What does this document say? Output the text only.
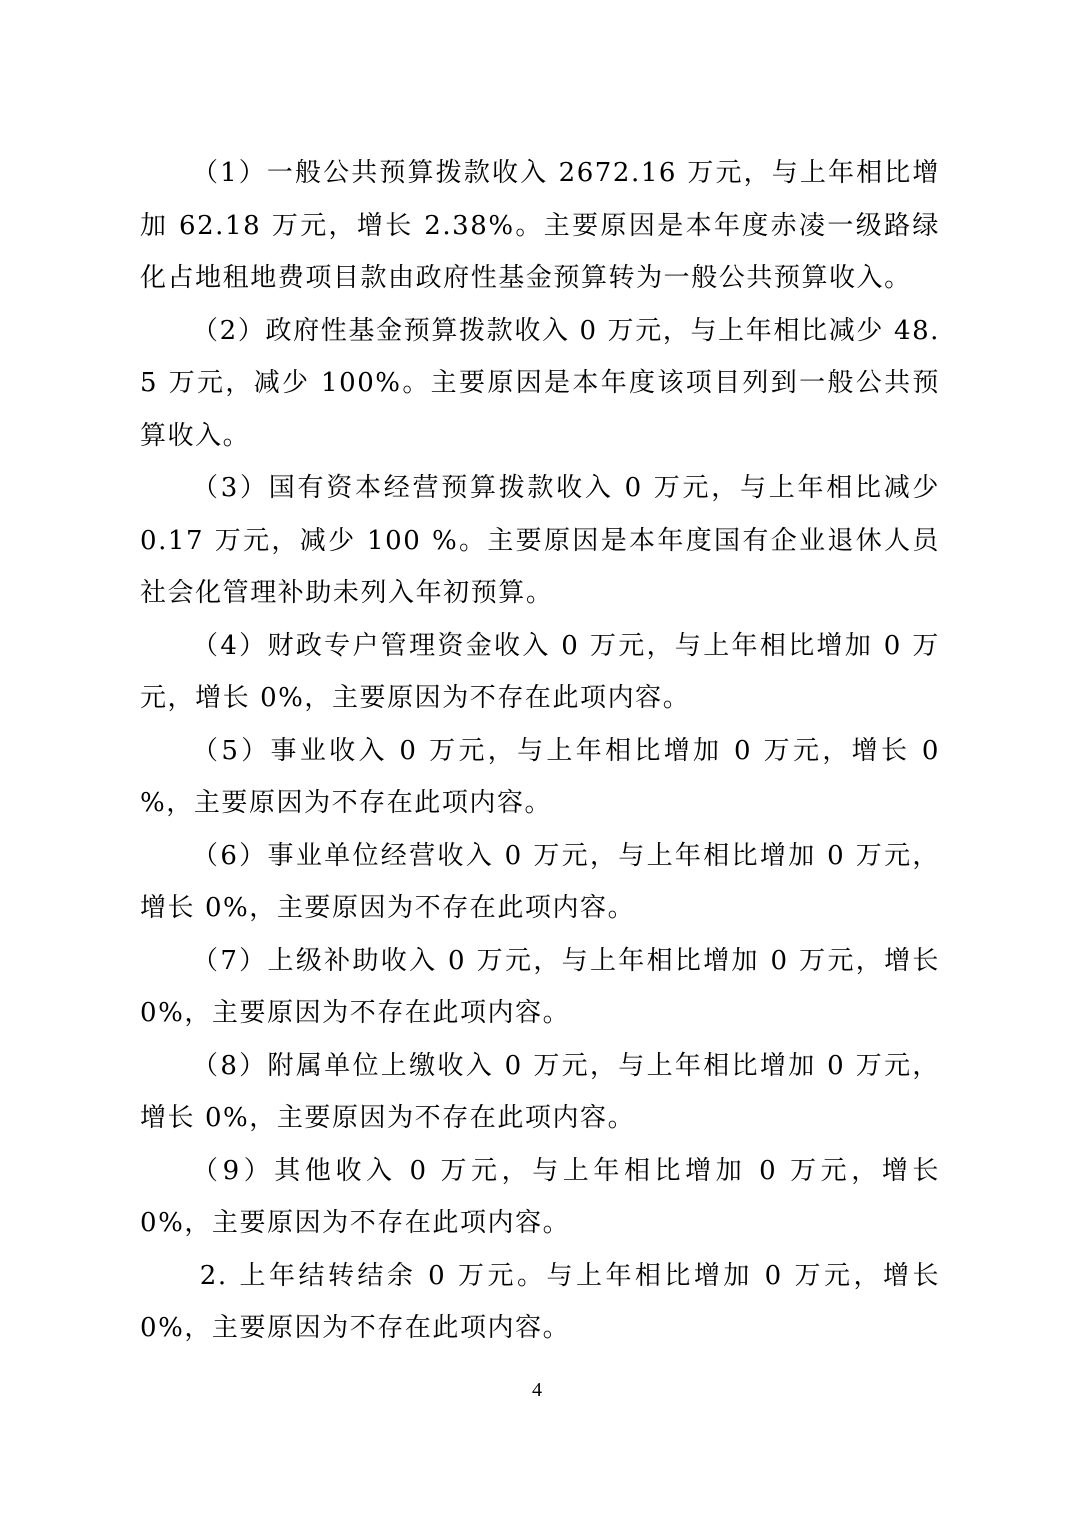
（1）一般公共预算拨款收入 2672.16 万元，与上年相比增加 62.18 万元，增长 2.38%。主要原因是本年度赤凌一级路绿化占地租地费项目款由政府性基金预算转为一般公共预算收入。

（2）政府性基金预算拨款收入 0 万元，与上年相比减少 48.5 万元，减少 100%。主要原因是本年度该项目列到一般公共预算收入。

（3）国有资本经营预算拨款收入 0 万元，与上年相比减少 0.17 万元，减少 100 %。主要原因是本年度国有企业退休人员社会化管理补助未列入年初预算。

（4）财政专户管理资金收入 0 万元，与上年相比增加 0 万元，增长 0%，主要原因为不存在此项内容。

（5）事业收入 0 万元，与上年相比增加 0 万元，增长 0 %，主要原因为不存在此项内容。

（6）事业单位经营收入 0 万元，与上年相比增加 0 万元，增长 0%，主要原因为不存在此项内容。

（7）上级补助收入 0 万元，与上年相比增加 0 万元，增长 0%，主要原因为不存在此项内容。

（8）附属单位上缴收入 0 万元，与上年相比增加 0 万元，增长 0%，主要原因为不存在此项内容。

（9）其他收入 0 万元，与上年相比增加 0 万元，增长 0%，主要原因为不存在此项内容。

2. 上年结转结余 0 万元。与上年相比增加 0 万元，增长 0%，主要原因为不存在此项内容。

4
